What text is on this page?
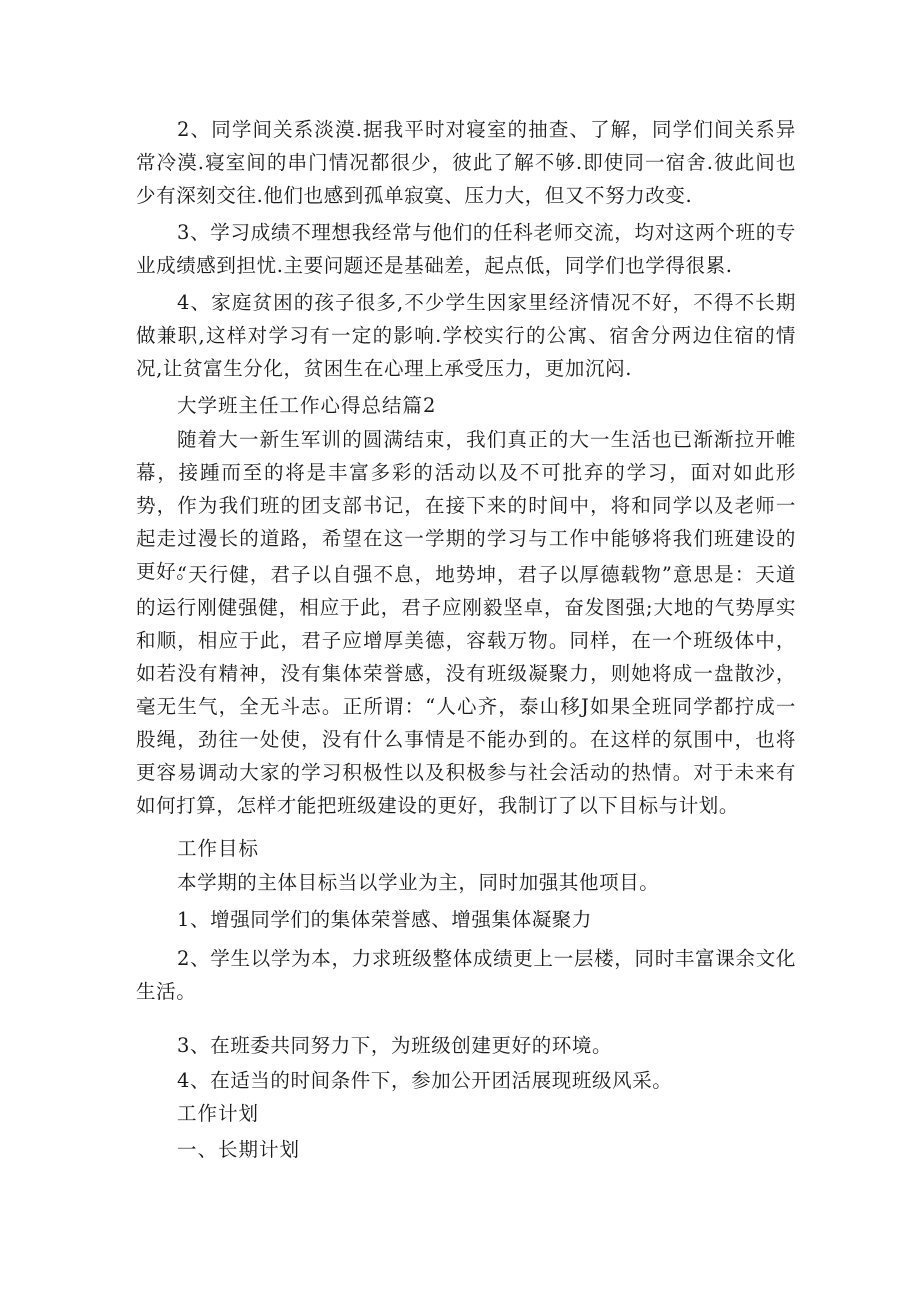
2、同学间关系淡漠.据我平时对寝室的抽查、了解，同学们间关系异常冷漠.寝室间的串门情况都很少，彼此了解不够.即使同一宿舍.彼此间也少有深刻交往.他们也感到孤单寂寞、压力大，但又不努力改变.

3、学习成绩不理想我经常与他们的任科老师交流，均对这两个班的专业成绩感到担忧.主要问题还是基础差，起点低，同学们也学得很累.

4、家庭贫困的孩子很多,不少学生因家里经济情况不好，不得不长期做兼职,这样对学习有一定的影响.学校实行的公寓、宿舍分两边住宿的情况,让贫富生分化，贫困生在心理上承受压力，更加沉闷.

大学班主任工作心得总结篇2

随着大一新生军训的圆满结束，我们真正的大一生活也已渐渐拉开帷幕，接踵而至的将是丰富多彩的活动以及不可批弃的学习，面对如此形势，作为我们班的团支部书记，在接下来的时间中，将和同学以及老师一起走过漫长的道路，希望在这一学期的学习与工作中能够将我们班建设的更好。

“天行健，君子以自强不息，地势坤，君子以厚德载物”意思是：天道的运行刚健强健，相应于此，君子应刚毅坚卓，奋发图强;大地的气势厚实和顺，相应于此，君子应增厚美德，容载万物。同样，在一个班级体中，如若没有精神，没有集体荣誉感，没有班级凝聚力，则她将成一盘散沙，毫无生气，全无斗志。正所谓：“人心齐，泰山移J如果全班同学都拧成一股绳，劲往一处使，没有什么事情是不能办到的。在这样的氛围中，也将更容易调动大家的学习积极性以及积极参与社会活动的热情。对于未来有如何打算，怎样才能把班级建设的更好，我制订了以下目标与计划。

工作目标

本学期的主体目标当以学业为主，同时加强其他项目。

1、增强同学们的集体荣誉感、增强集体凝聚力

2、学生以学为本，力求班级整体成绩更上一层楼，同时丰富课余文化生活。

3、在班委共同努力下，为班级创建更好的环境。

4、在适当的时间条件下，参加公开团活展现班级风采。

工作计划

一、长期计划
